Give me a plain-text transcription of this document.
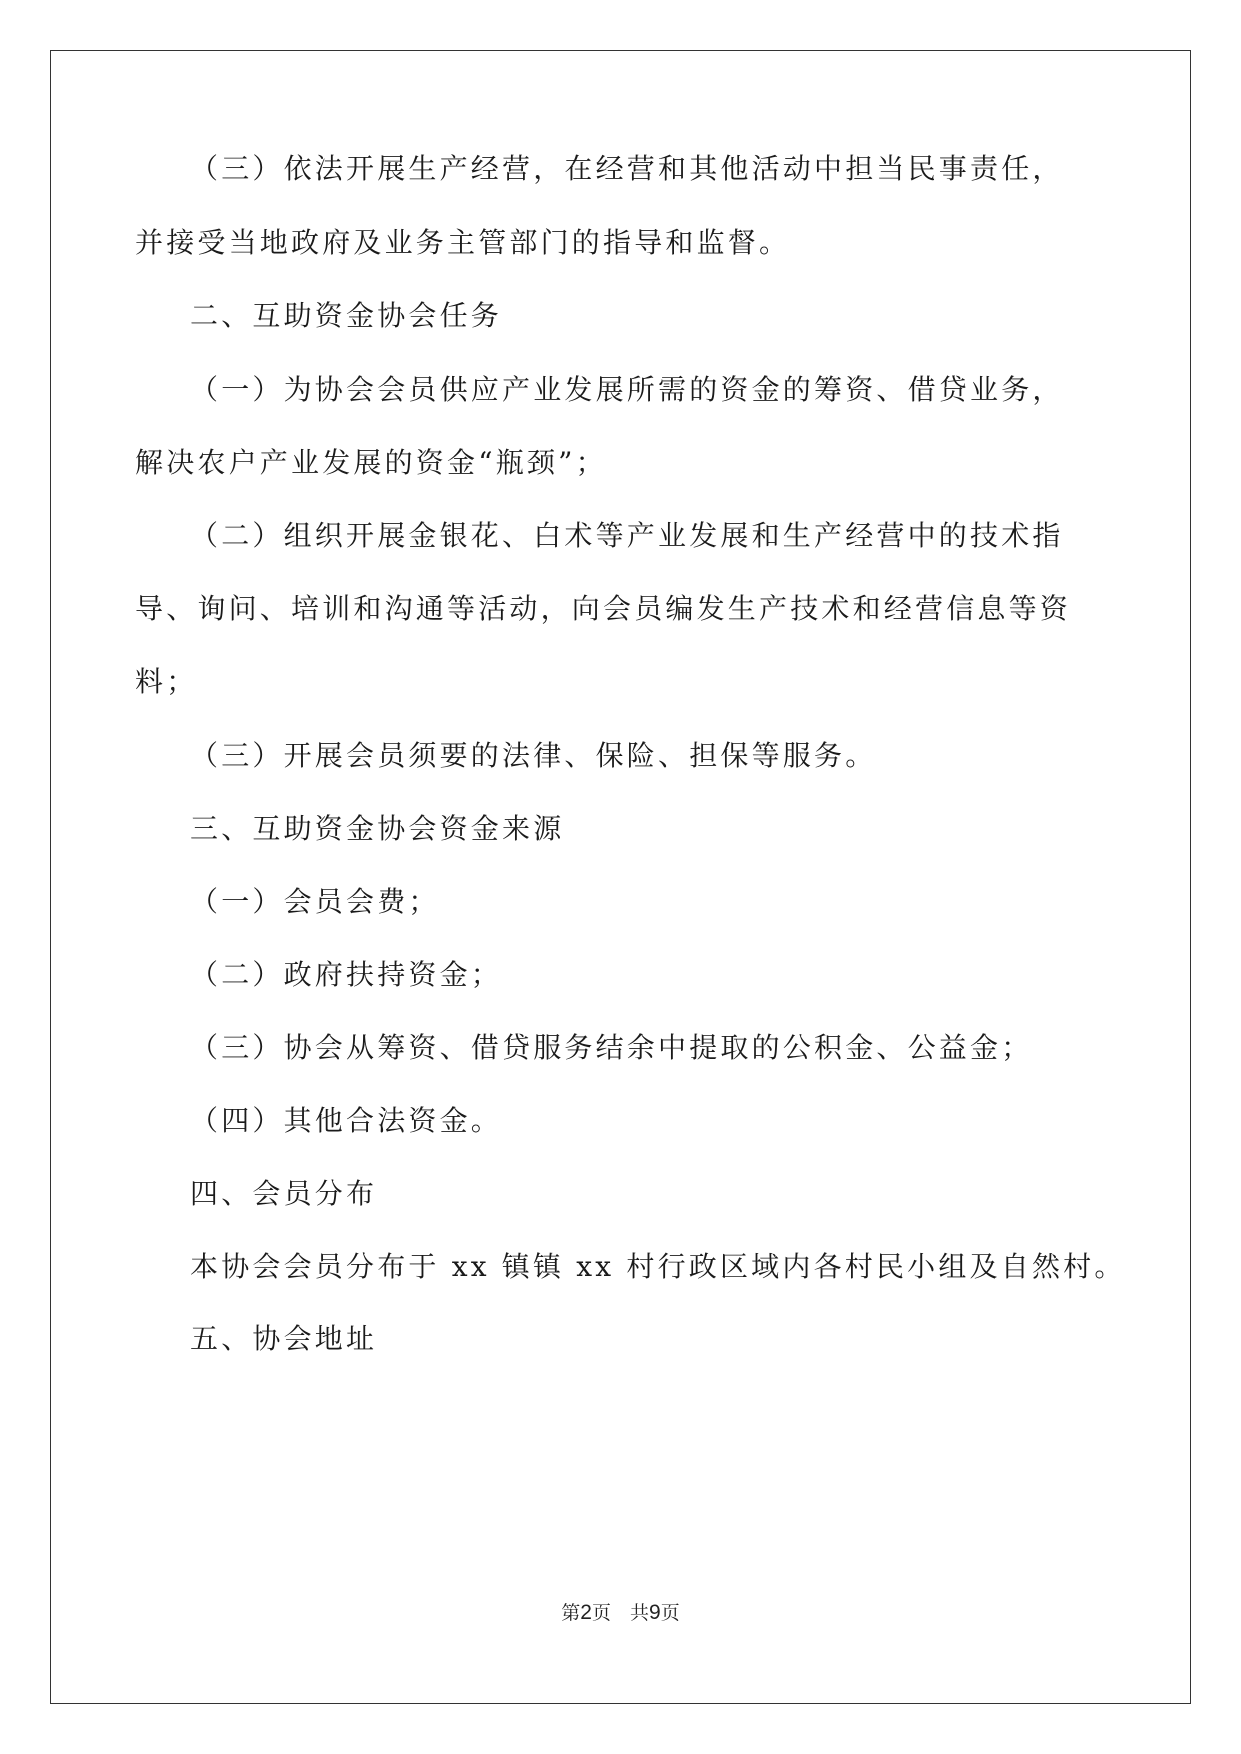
（三）依法开展生产经营，在经营和其他活动中担当民事责任，
并接受当地政府及业务主管部门的指导和监督。
二、互助资金协会任务
（一）为协会会员供应产业发展所需的资金的筹资、借贷业务，
解决农户产业发展的资金“瓶颈”；
（二）组织开展金银花、白术等产业发展和生产经营中的技术指
导、询问、培训和沟通等活动，向会员编发生产技术和经营信息等资
料；
（三）开展会员须要的法律、保险、担保等服务。
三、互助资金协会资金来源
（一）会员会费；
（二）政府扶持资金；
（三）协会从筹资、借贷服务结余中提取的公积金、公益金；
（四）其他合法资金。
四、会员分布
本协会会员分布于 xx 镇镇 xx 村行政区域内各村民小组及自然村。
五、协会地址
第2页　共9页
